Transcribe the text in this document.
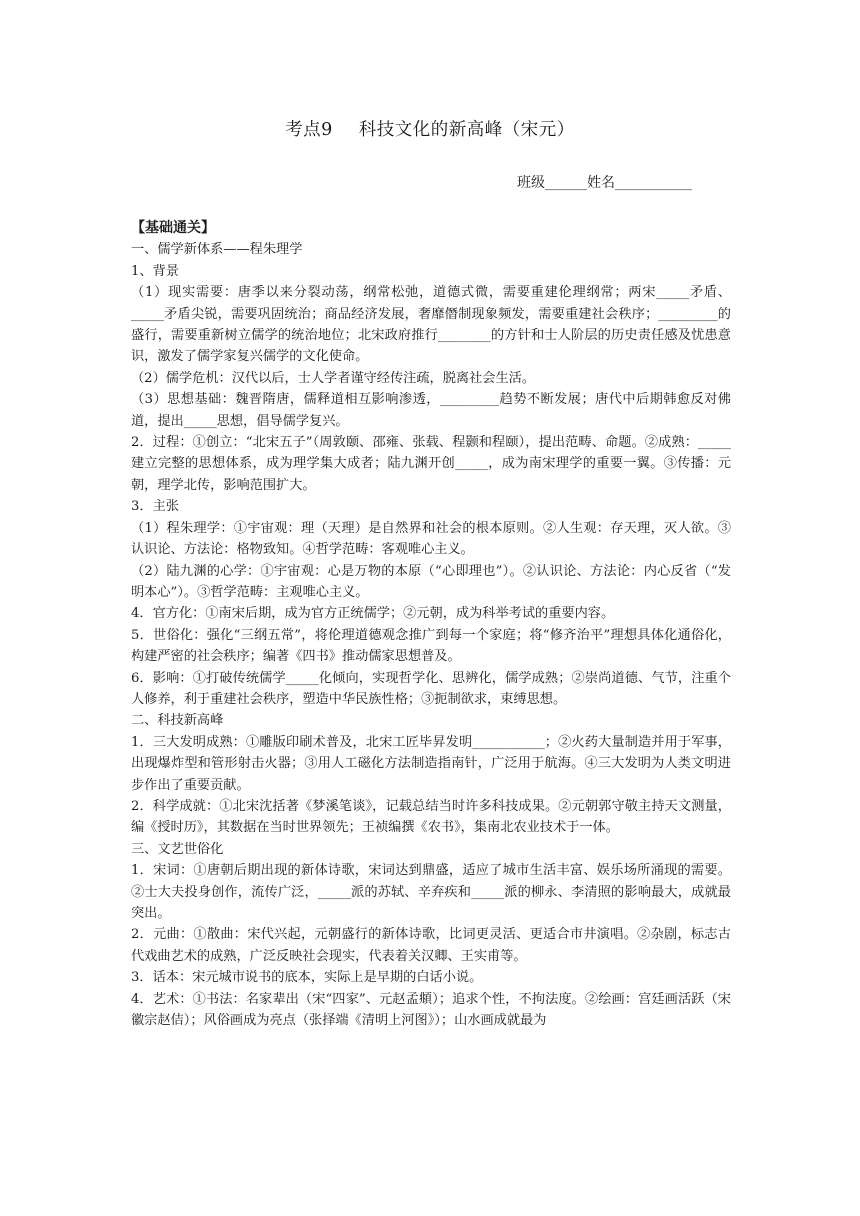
考点9 科技文化的新高峰（宋元）
班级______姓名___________

【基础通关】

一、儒学新体系——程朱理学

1、背景

（1）现实需要：唐季以来分裂动荡，纲常松弛，道德式微，需要重建伦理纲常；两宋_____矛盾、_____矛盾尖锐，需要巩固统治；商品经济发展，奢靡僭制现象频发，需要重建社会秩序；_________的盛行，需要重新树立儒学的统治地位；北宋政府推行________的方针和士人阶层的历史责任感及忧患意识，激发了儒学家复兴儒学的文化使命。

（2）儒学危机：汉代以后，士人学者谨守经传注疏，脱离社会生活。

（3）思想基础：魏晋隋唐，儒释道相互影响渗透，_________趋势不断发展；唐代中后期韩愈反对佛道，提出_____思想，倡导儒学复兴。

2．过程：①创立：“北宋五子”（周敦颐、邵雍、张载、程颢和程颐），提出范畴、命题。②成熟：_____建立完整的思想体系，成为理学集大成者；陆九渊开创_____，成为南宋理学的重要一翼。③传播：元朝，理学北传，影响范围扩大。

3．主张

（1）程朱理学：①宇宙观：理（天理）是自然界和社会的根本原则。②人生观：存天理，灭人欲。③认识论、方法论：格物致知。④哲学范畴：客观唯心主义。

（2）陆九渊的心学：①宇宙观：心是万物的本原（“心即理也”）。②认识论、方法论：内心反省（“发明本心”）。③哲学范畴：主观唯心主义。

4．官方化：①南宋后期，成为官方正统儒学；②元朝，成为科举考试的重要内容。

5．世俗化：强化“三纲五常”，将伦理道德观念推广到每一个家庭；将“修齐治平”理想具体化通俗化，构建严密的社会秩序；编著《四书》推动儒家思想普及。

6．影响：①打破传统儒学_____化倾向，实现哲学化、思辨化，儒学成熟；②崇尚道德、气节，注重个人修养，利于重建社会秩序，塑造中华民族性格；③扼制欲求，束缚思想。

二、科技新高峰

1．三大发明成熟：①雕版印刷术普及，北宋工匠毕昇发明___________；②火药大量制造并用于军事，出现爆炸型和管形射击火器；③用人工磁化方法制造指南针，广泛用于航海。④三大发明为人类文明进步作出了重要贡献。

2．科学成就：①北宋沈括著《梦溪笔谈》，记载总结当时许多科技成果。②元朝郭守敬主持天文测量，编《授时历》，其数据在当时世界领先；王祯编撰《农书》，集南北农业技术于一体。

三、文艺世俗化

1．宋词：①唐朝后期出现的新体诗歌，宋词达到鼎盛，适应了城市生活丰富、娱乐场所涌现的需要。②士大夫投身创作，流传广泛，_____派的苏轼、辛弃疾和_____派的柳永、李清照的影响最大，成就最突出。

2．元曲：①散曲：宋代兴起，元朝盛行的新体诗歌，比词更灵活、更适合市井演唱。②杂剧，标志古代戏曲艺术的成熟，广泛反映社会现实，代表着关汉卿、王实甫等。

3．话本：宋元城市说书的底本，实际上是早期的白话小说。

4．艺术：①书法：名家辈出（宋“四家”、元赵孟頫）；追求个性，不拘法度。②绘画：宫廷画活跃（宋徽宗赵佶）；风俗画成为亮点（张择端《清明上河图》）；山水画成就最为
